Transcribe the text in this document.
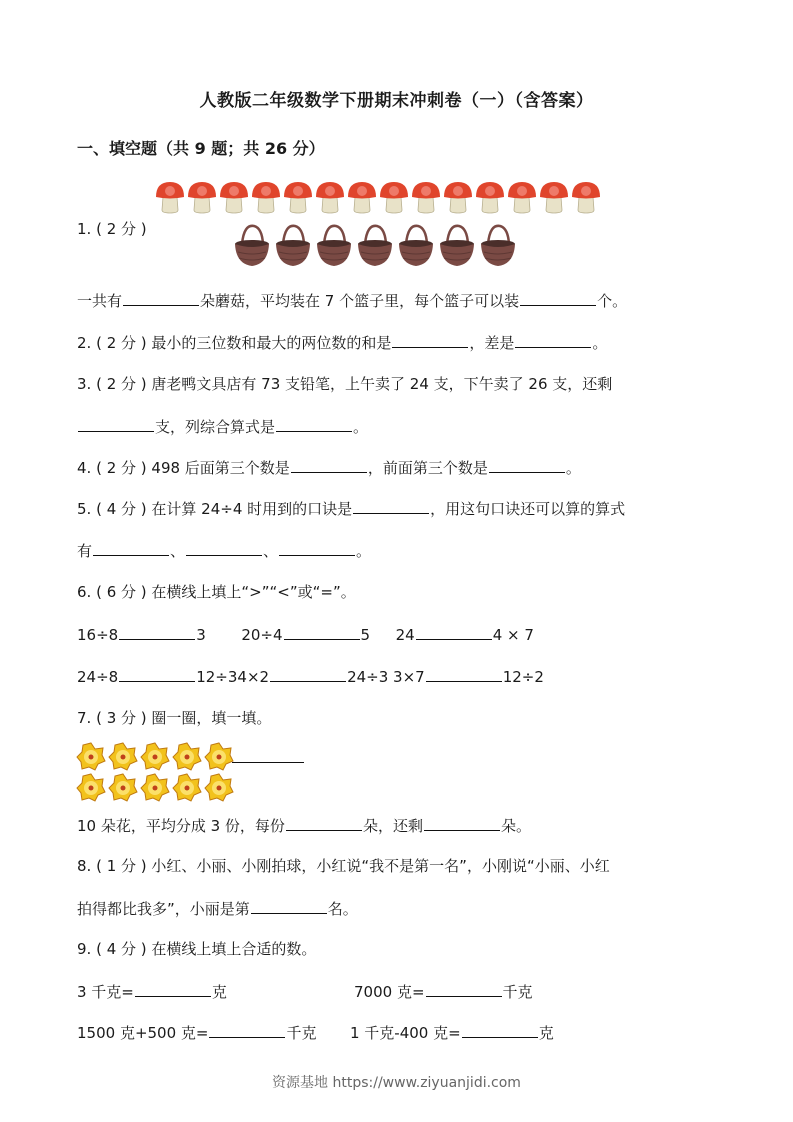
人教版二年级数学下册期末冲刺卷（一）（含答案）
一、填空题（共 9 题；共 26 分）
1. ( 2 分 )
一共有	朵蘑菇，平均装在 7 个篮子里，每个篮子可以装	个。
2. ( 2 分 ) 最小的三位数和最大的两位数的和是	，差是	。
3. ( 2 分 ) 唐老鸭文具店有 73 支铅笔，上午卖了 24 支，下午卖了 26 支，还剩
支，列综合算式是	。
4. ( 2 分 ) 498 后面第三个数是	，前面第三个数是	。
5. ( 4 分 ) 在计算 24÷4 时用到的口诀是	，用这句口诀还可以算的算式
有	、	、	。
6. ( 6 分 ) 在横线上填上“>”“<”或“=”。
16÷8	3 20÷4	5 24	4 × 7
24÷8	12÷34×2	24÷3 3×7	12÷2
7. ( 3 分 ) 圈一圈，填一填。
10 朵花，平均分成 3 份，每份	朵，还剩	朵。
8. ( 1 分 ) 小红、小丽、小刚拍球，小红说“我不是第一名”，小刚说“小丽、小红
拍得都比我多”，小丽是第	名。
9. ( 4 分 ) 在横线上填上合适的数。
3 千克=	克	7000 克=	千克
1500 克+500 克=	千克 1 千克-400 克=	克
资源基地 https://www.ziyuanjidi.com
